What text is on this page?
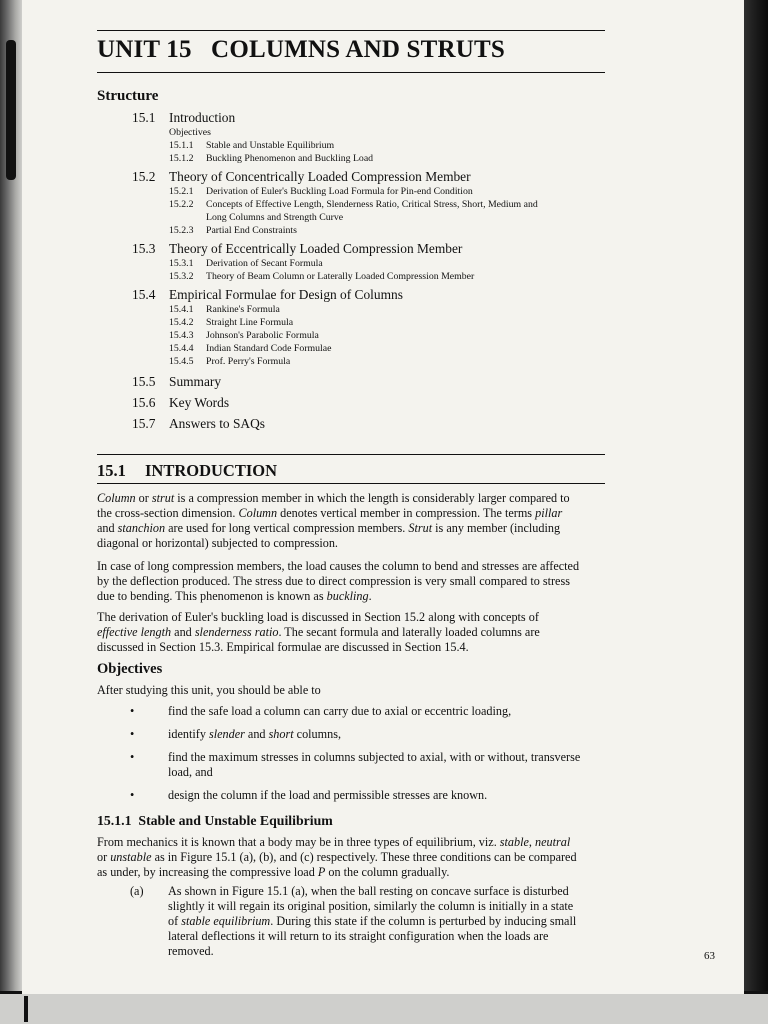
UNIT 15   COLUMNS AND STRUTS
Structure
15.1 Introduction
Objectives
15.1.1 Stable and Unstable Equilibrium
15.1.2 Buckling Phenomenon and Buckling Load
15.2 Theory of Concentrically Loaded Compression Member
15.2.1 Derivation of Euler's Buckling Load Formula for Pin-end Condition
15.2.2 Concepts of Effective Length, Slenderness Ratio, Critical Stress, Short, Medium and
Long Columns and Strength Curve
15.2.3 Partial End Constraints
15.3 Theory of Eccentrically Loaded Compression Member
15.3.1 Derivation of Secant Formula
15.3.2 Theory of Beam Column or Laterally Loaded Compression Member
15.4 Empirical Formulae for Design of Columns
15.4.1 Rankine's Formula
15.4.2 Straight Line Formula
15.4.3 Johnson's Parabolic Formula
15.4.4 Indian Standard Code Formulae
15.4.5 Prof. Perry's Formula
15.5 Summary
15.6 Key Words
15.7 Answers to SAQs
15.1 INTRODUCTION
Column or strut is a compression member in which the length is considerably larger compared to the cross-section dimension. Column denotes vertical member in compression. The terms pillar and stanchion are used for long vertical compression members. Strut is any member (including diagonal or horizontal) subjected to compression.
In case of long compression members, the load causes the column to bend and stresses are affected by the deflection produced. The stress due to direct compression is very small compared to stress due to bending. This phenomenon is known as buckling.
The derivation of Euler's buckling load is discussed in Section 15.2 along with concepts of effective length and slenderness ratio. The secant formula and laterally loaded columns are discussed in Section 15.3. Empirical formulae are discussed in Section 15.4.
Objectives
After studying this unit, you should be able to
•	find the safe load a column can carry due to axial or eccentric loading,
•	identify slender and short columns,
•	find the maximum stresses in columns subjected to axial, with or without, transverse load, and
•	design the column if the load and permissible stresses are known.
15.1.1  Stable and Unstable Equilibrium
From mechanics it is known that a body may be in three types of equilibrium, viz. stable, neutral or unstable as in Figure 15.1 (a), (b), and (c) respectively. These three conditions can be compared as under, by increasing the compressive load P on the column gradually.
(a)	As shown in Figure 15.1 (a), when the ball resting on concave surface is disturbed slightly it will regain its original position, similarly the column is initially in a state of stable equilibrium. During this state if the column is perturbed by inducing small lateral deflections it will return to its straight configuration when the loads are removed.	63
